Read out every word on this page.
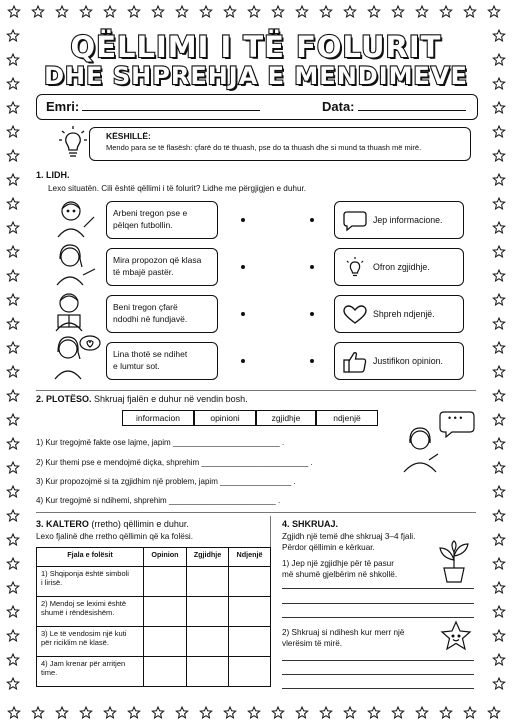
QËLLIMI I TË FOLURIT
DHE SHPREHJA E MENDIMEVE
Emri:	Data:
KËSHILLË:
Mendo para se të flasësh: çfarë do të thuash, pse do ta thuash dhe si mund ta thuash më mirë.
1. LIDH.
Lexo situatën. Cili është qëllimi i të folurit? Lidhe me përgjigjen e duhur.
Arbeni tregon pse e
pëlqen futbollin.
Mira propozon që klasa
të mbajë pastër.
Beni tregon çfarë
ndodhi në fundjavë.
Lina thotë se ndihet
e lumtur sot.
Jep informacione.
Ofron zgjidhje.
Shpreh ndjenjë.
Justifikon opinion.
2. PLOTËSO. Shkruaj fjalën e duhur në vendin bosh.
informacion	opinioni	zgjidhje	ndjenjë
1) Kur tregojmë fakte ose lajme, japim ________________________ .
2) Kur themi pse e mendojmë diçka, shprehim ________________________ .
3) Kur propozojmë si ta zgjidhim një problem, japim ________________ .
4) Kur tregojmë si ndihemi, shprehim ________________________ .
• • •
3. KALTERO (rretho) qëllimin e duhur.
Lexo fjalinë dhe rretho qëllimin që ka folësi.
Fjala e folësit	Opinion	Zgjidhje	Ndjenjë

1) Shqiponja është simboli
i lirisë.			

2) Mendoj se leximi është
shumë i rëndësishëm.			

3) Le të vendosim një kuti
për riciklim në klasë.			

4) Jam krenar për arritjen
time.			

4. SHKRUAJ.
Zgjidh një temë dhe shkruaj 3–4 fjali.
Përdor qëllimin e kërkuar.
1) Jep një zgjidhje për të pasur
më shumë gjelbërim në shkollë.
2) Shkruaj si ndihesh kur merr një
vlerësim të mirë.
